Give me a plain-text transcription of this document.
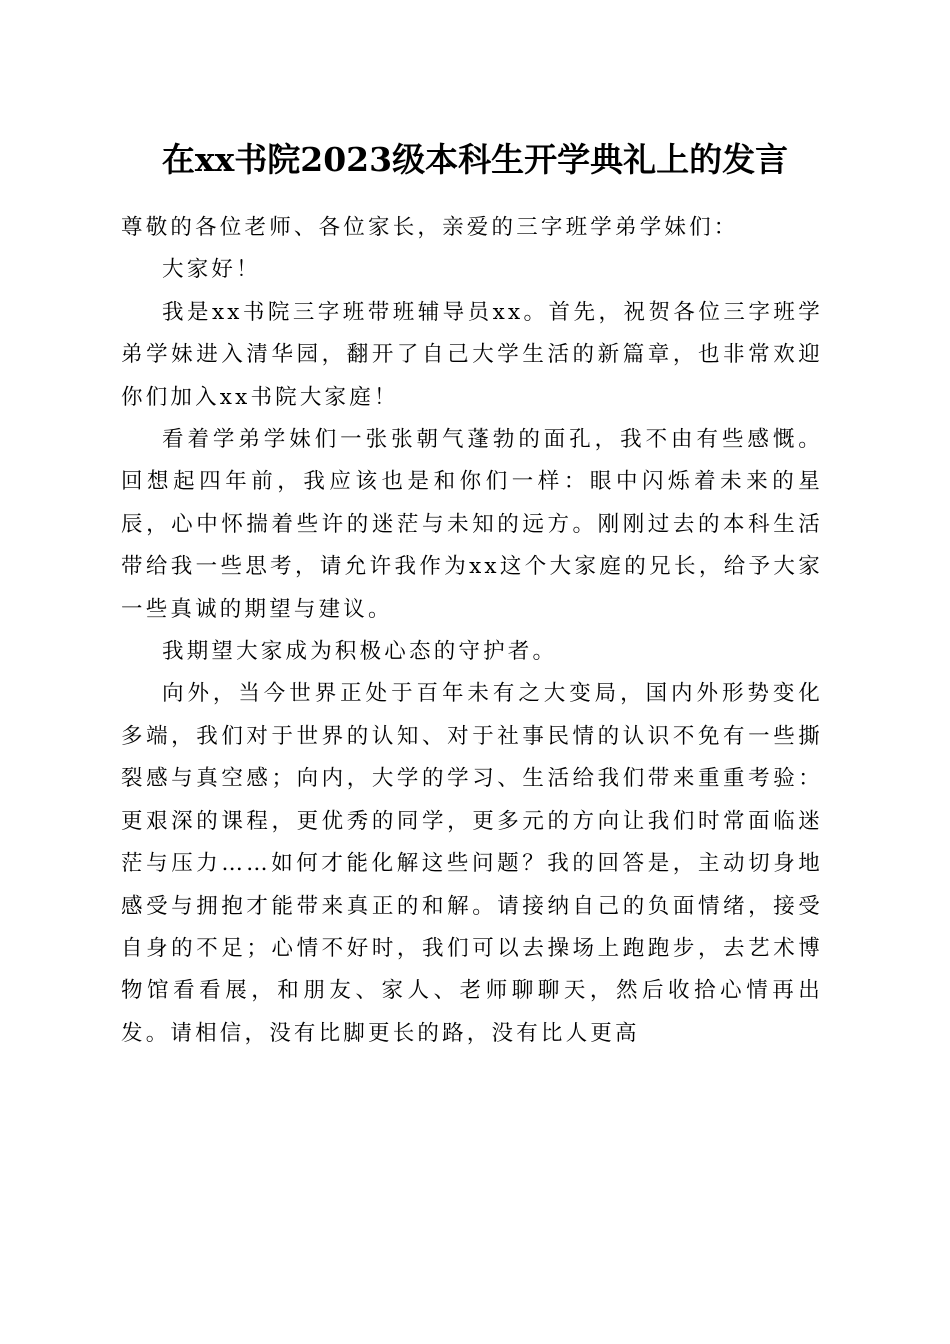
在xx书院2023级本科生开学典礼上的发言

尊敬的各位老师、各位家长，亲爱的三字班学弟学妹们：

大家好！

我是xx书院三字班带班辅导员xx。首先，祝贺各位三字班学弟学妹进入清华园，翻开了自己大学生活的新篇章，也非常欢迎你们加入xx书院大家庭！

看着学弟学妹们一张张朝气蓬勃的面孔，我不由有些感慨。回想起四年前，我应该也是和你们一样：眼中闪烁着未来的星辰，心中怀揣着些许的迷茫与未知的远方。刚刚过去的本科生活带给我一些思考，请允许我作为xx这个大家庭的兄长，给予大家一些真诚的期望与建议。

我期望大家成为积极心态的守护者。

向外，当今世界正处于百年未有之大变局，国内外形势变化多端，我们对于世界的认知、对于社事民情的认识不免有一些撕裂感与真空感；向内，大学的学习、生活给我们带来重重考验：更艰深的课程，更优秀的同学，更多元的方向让我们时常面临迷茫与压力……如何才能化解这些问题？我的回答是，主动切身地感受与拥抱才能带来真正的和解。请接纳自己的负面情绪，接受自身的不足；心情不好时，我们可以去操场上跑跑步，去艺术博物馆看看展，和朋友、家人、老师聊聊天，然后收拾心情再出发。请相信，没有比脚更长的路，没有比人更高
